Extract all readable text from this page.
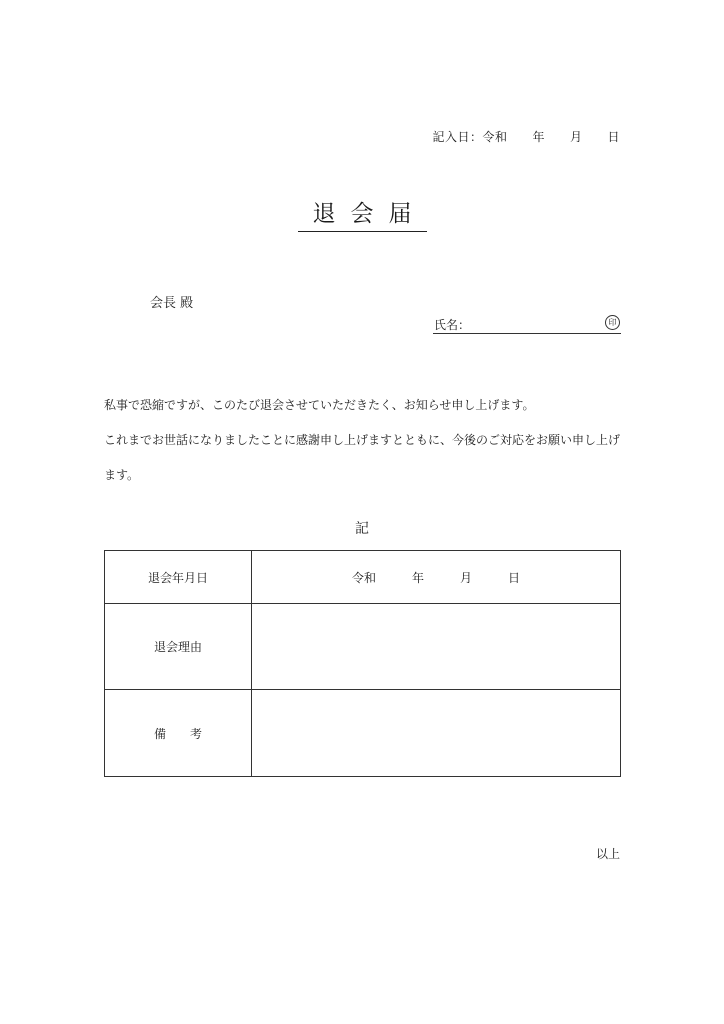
記入日：令和　　年　　月　　日
退会届
会長 殿
氏名：	印

私事で恐縮ですが、このたび退会させていただきたく、お知らせ申し上げます。

これまでお世話になりましたことに感謝申し上げますとともに、今後のご対応をお願い申し上げます。

記
退会年月日	令和　　　年　　　月　　　日
退会理由	
備考	
以上
